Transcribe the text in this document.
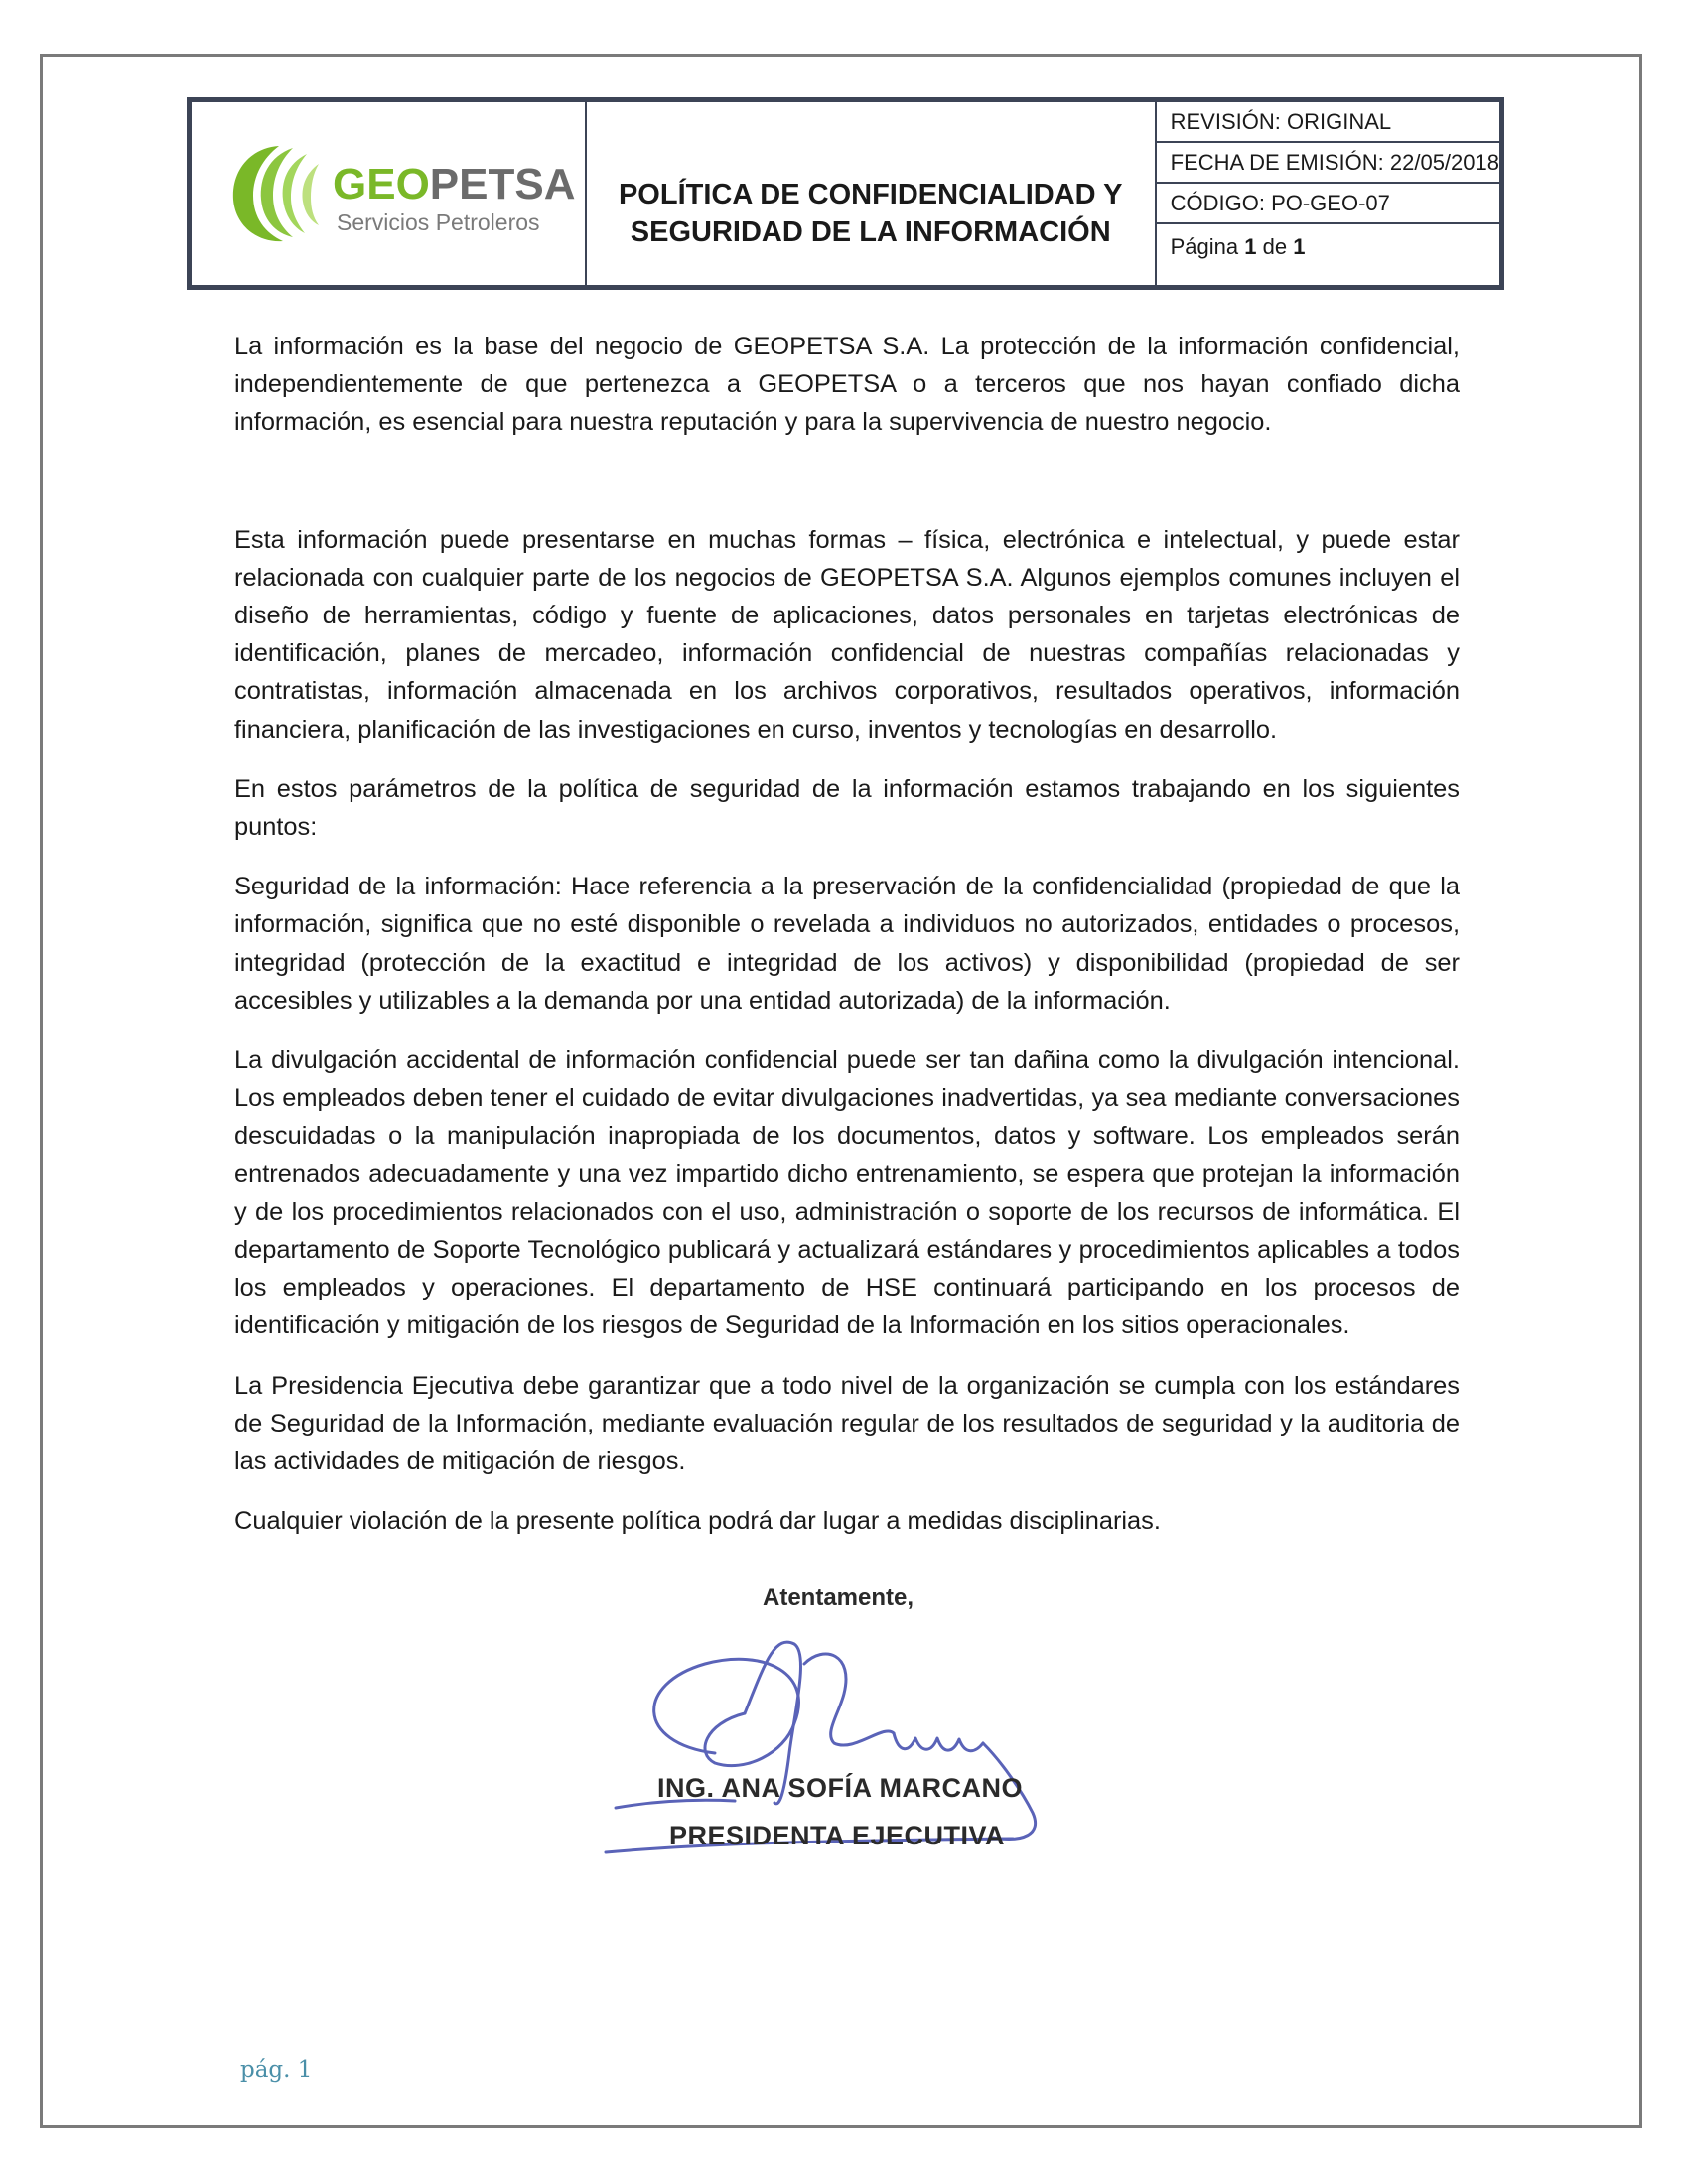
GEOPETSA
Servicios Petroleros
POLÍTICA DE CONFIDENCIALIDAD Y
SEGURIDAD DE LA INFORMACIÓN
REVISIÓN: ORIGINAL
FECHA DE EMISIÓN: 22/05/2018
CÓDIGO: PO-GEO-07
Página 1 de 1

La información es la base del negocio de GEOPETSA S.A. La protección de la información confidencial, independientemente de que pertenezca a GEOPETSA o a terceros que nos hayan confiado dicha información, es esencial para nuestra reputación y para la supervivencia de nuestro negocio.

Esta información puede presentarse en muchas formas – física, electrónica e intelectual, y puede estar relacionada con cualquier parte de los negocios de GEOPETSA S.A. Algunos ejemplos comunes incluyen el diseño de herramientas, código y fuente de aplicaciones, datos personales en tarjetas electrónicas de identificación, planes de mercadeo, información confidencial de nuestras compañías relacionadas y contratistas, información almacenada en los archivos corporativos, resultados operativos, información financiera, planificación de las investigaciones en curso, inventos y tecnologías en desarrollo.

En estos parámetros de la política de seguridad de la información estamos trabajando en los siguientes puntos:

Seguridad de la información: Hace referencia a la preservación de la confidencialidad (propiedad de que la información, significa que no esté disponible o revelada a individuos no autorizados, entidades o procesos, integridad (protección de la exactitud e integridad de los activos) y disponibilidad (propiedad de ser accesibles y utilizables a la demanda por una entidad autorizada) de la información.

La divulgación accidental de información confidencial puede ser tan dañina como la divulgación intencional. Los empleados deben tener el cuidado de evitar divulgaciones inadvertidas, ya sea mediante conversaciones descuidadas o la manipulación inapropiada de los documentos, datos y software. Los empleados serán entrenados adecuadamente y una vez impartido dicho entrenamiento, se espera que protejan la información y de los procedimientos relacionados con el uso, administración o soporte de los recursos de informática. El departamento de Soporte Tecnológico publicará y actualizará estándares y procedimientos aplicables a todos los empleados y operaciones. El departamento de HSE continuará participando en los procesos de identificación y mitigación de los riesgos de Seguridad de la Información en los sitios operacionales.

La Presidencia Ejecutiva debe garantizar que a todo nivel de la organización se cumpla con los estándares de Seguridad de la Información, mediante evaluación regular de los resultados de seguridad y la auditoria de las actividades de mitigación de riesgos.

Cualquier violación de la presente política podrá dar lugar a medidas disciplinarias.

Atentamente,
ING. ANA SOFÍA MARCANO
PRESIDENTA EJECUTIVA
pág. 1
